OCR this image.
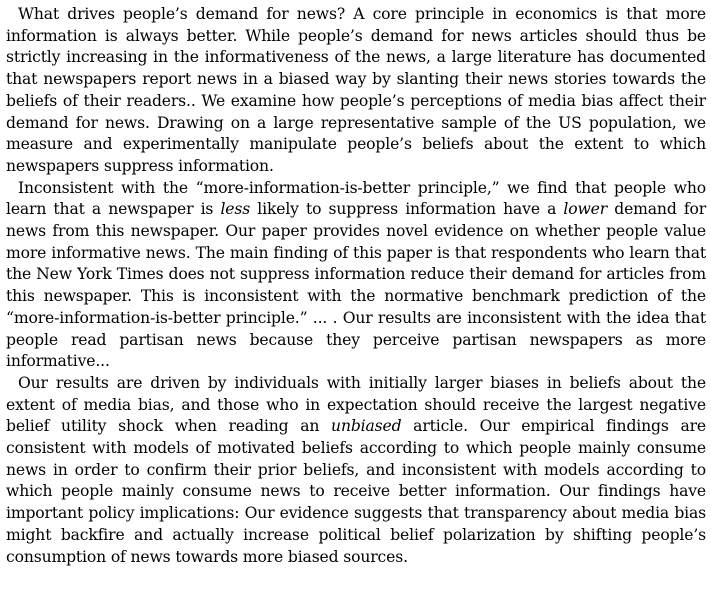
What drives people’s demand for news? A core principle in economics is that more information is always better. While people’s demand for news articles should thus be strictly increasing in the informativeness of the news, a large literature has documented that newspapers report news in a biased way by slanting their news stories towards the beliefs of their readers.. We examine how people’s perceptions of media bias affect their demand for news. Drawing on a large representative sample of the US population, we measure and experimentally manipulate people’s beliefs about the extent to which newspapers suppress information.

Inconsistent with the “more-information-is-better principle,” we find that people who learn that a newspaper is less likely to suppress information have a lower demand for news from this newspaper. Our paper provides novel evidence on whether people value more informative news. The main finding of this paper is that respondents who learn that the New York Times does not suppress information reduce their demand for articles from this newspaper. This is inconsistent with the normative benchmark prediction of the “more-information-is-better principle.” ... . Our results are inconsistent with the idea that people read partisan news because they perceive partisan newspapers as more informative...

Our results are driven by individuals with initially larger biases in beliefs about the extent of media bias, and those who in expectation should receive the largest negative belief utility shock when reading an unbiased article. Our empirical findings are consistent with models of motivated beliefs according to which people mainly consume news in order to confirm their prior beliefs, and inconsistent with models according to which people mainly consume news to receive better information. Our findings have important policy implications: Our evidence suggests that transparency about media bias might backfire and actually increase political belief polarization by shifting people’s consumption of news towards more biased sources.
